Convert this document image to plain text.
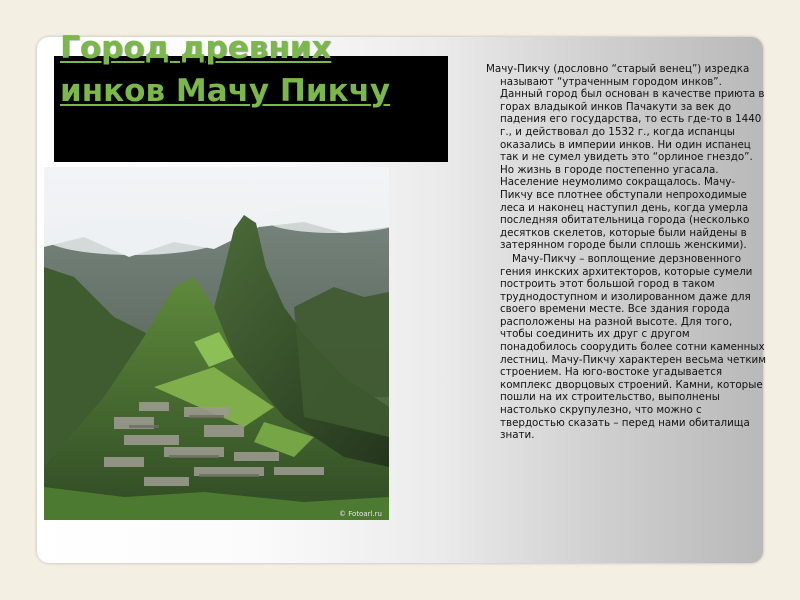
Город древних
инков Мачу Пикчу
© Fotoarl.ru

Мачу-Пикчу (дословно “старый венец”) изредка называют “утраченным городом инков”. Данный город был основан в качестве приюта в горах владыкой инков Пачакути за век до падения его государства, то есть где-то в 1440 г., и действовал до 1532 г., когда испанцы оказались в империи инков. Ни один испанец так и не сумел увидеть это “орлиное гнездо”. Но жизнь в городе постепенно угасала. Население неумолимо сокращалось. Мачу-Пикчу все плотнее обступали непроходимые леса и наконец наступил день, когда умерла последняя обитательница города (несколько десятков скелетов, которые были найдены в затерянном городе были сплошь женскими).

Мачу-Пикчу – воплощение дерзновенного гения инкских архитекторов, которые сумели построить этот большой город в таком труднодоступном и изолированном даже для своего времени месте. Все здания города расположены на разной высоте. Для того, чтобы соединить их друг с другом понадобилось соорудить более сотни каменных лестниц. Мачу-Пикчу характерен весьма четким строением. На юго-востоке угадывается комплекс дворцовых строений. Камни, которые пошли на их строительство, выполнены настолько скрупулезно, что можно с твердостью сказать – перед нами обиталища знати.
